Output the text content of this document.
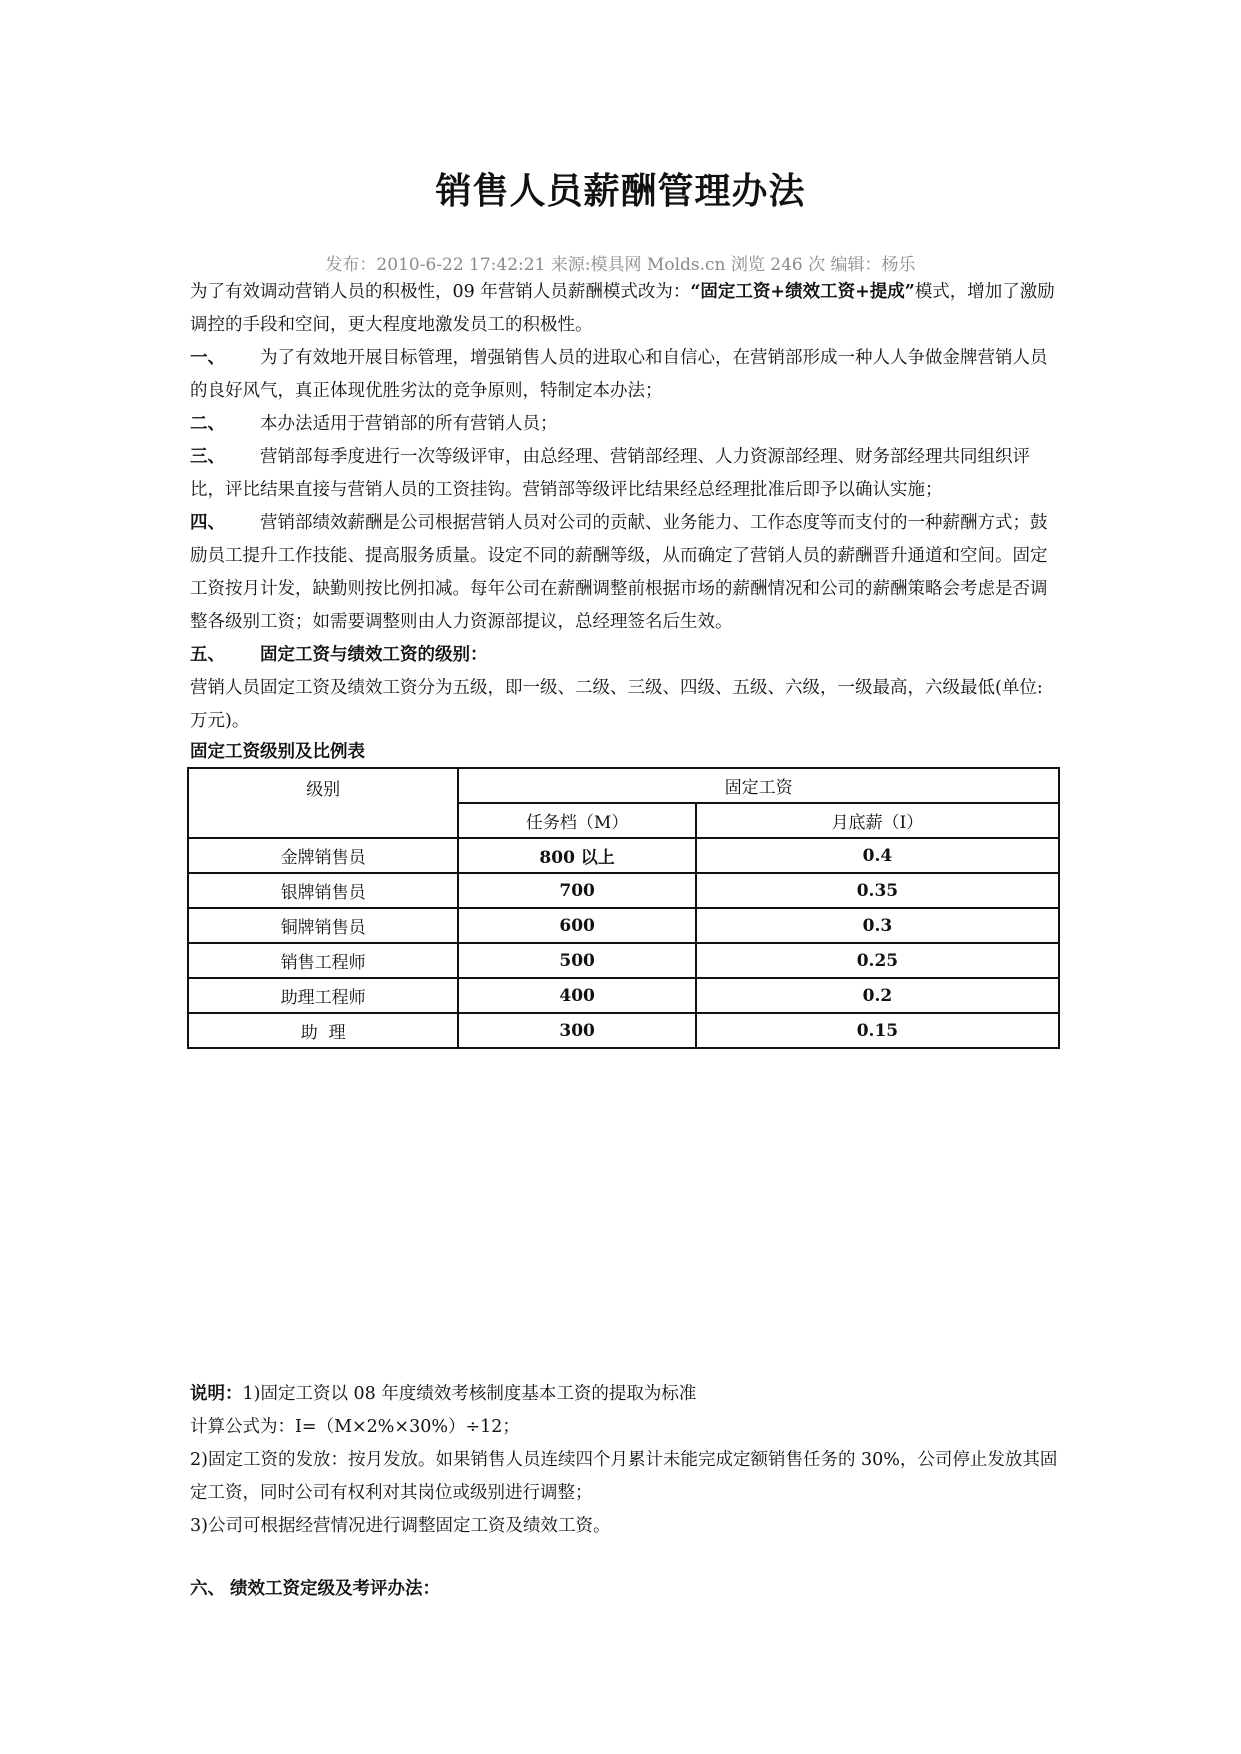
销售人员薪酬管理办法
发布：2010-6-22 17:42:21 来源:模具网 Molds.cn 浏览 246 次 编辑：杨乐

为了有效调动营销人员的积极性，09 年营销人员薪酬模式改为：“固定工资+绩效工资+提成”模式，增加了激励调控的手段和空间，更大程度地激发员工的积极性。

一、 为了有效地开展目标管理，增强销售人员的进取心和自信心，在营销部形成一种人人争做金牌营销人员的良好风气，真正体现优胜劣汰的竞争原则，特制定本办法；

二、 本办法适用于营销部的所有营销人员；

三、 营销部每季度进行一次等级评审，由总经理、营销部经理、人力资源部经理、财务部经理共同组织评比，评比结果直接与营销人员的工资挂钩。营销部等级评比结果经总经理批准后即予以确认实施；

四、 营销部绩效薪酬是公司根据营销人员对公司的贡献、业务能力、工作态度等而支付的一种薪酬方式；鼓励员工提升工作技能、提高服务质量。设定不同的薪酬等级，从而确定了营销人员的薪酬晋升通道和空间。固定工资按月计发，缺勤则按比例扣减。每年公司在薪酬调整前根据市场的薪酬情况和公司的薪酬策略会考虑是否调整各级别工资；如需要调整则由人力资源部提议，总经理签名后生效。

五、 固定工资与绩效工资的级别：

营销人员固定工资及绩效工资分为五级，即一级、二级、三级、四级、五级、六级，一级最高，六级最低(单位:万元)。

固定工资级别及比例表
级别	固定工资	
	任务档（M）	月底薪（I）
金牌销售员	800 以上	0.4
银牌销售员	700	0.35
铜牌销售员	600	0.3
销售工程师	500	0.25
助理工程师	400	0.2
助  理	300	0.15

说明：1)固定工资以 08 年度绩效考核制度基本工资的提取为标准

计算公式为：I=（M×2%×30%）÷12；

2)固定工资的发放：按月发放。如果销售人员连续四个月累计未能完成定额销售任务的 30%，公司停止发放其固定工资，同时公司有权利对其岗位或级别进行调整；

3)公司可根据经营情况进行调整固定工资及绩效工资。

六、 绩效工资定级及考评办法：
